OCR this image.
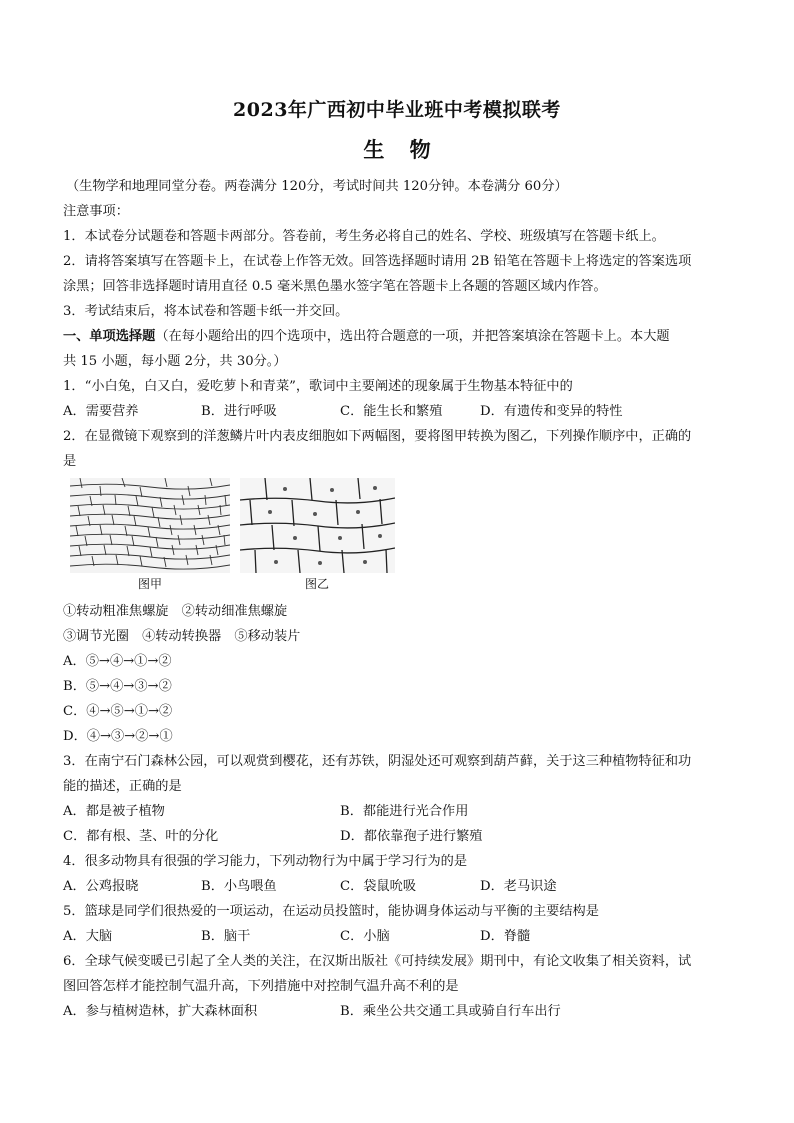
2023年广西初中毕业班中考模拟联考
生 物
（生物学和地理同堂分卷。两卷满分 120分，考试时间共 120分钟。本卷满分 60分）
注意事项：
1．本试卷分试题卷和答题卡两部分。答卷前，考生务必将自己的姓名、学校、班级填写在答题卡纸上。
2．请将答案填写在答题卡上，在试卷上作答无效。回答选择题时请用 2B 铅笔在答题卡上将选定的答案选项
涂黑；回答非选择题时请用直径 0.5 毫米黑色墨水签字笔在答题卡上各题的答题区域内作答。
3．考试结束后，将本试卷和答题卡纸一并交回。
一、单项选择题（在每小题给出的四个选项中，选出符合题意的一项，并把答案填涂在答题卡上。本大题
共 15 小题，每小题 2分，共 30分。）
1．“小白兔，白又白，爱吃萝卜和青菜”，歌词中主要阐述的现象属于生物基本特征中的
A．需要营养	B．进行呼吸	C．能生长和繁殖	D．有遗传和变异的特性
2．在显微镜下观察到的洋葱鳞片叶内表皮细胞如下两幅图，要将图甲转换为图乙，下列操作顺序中，正确的
是
图甲	图乙
①转动粗准焦螺旋　②转动细准焦螺旋
③调节光圈　④转动转换器　⑤移动装片
A．⑤→④→①→②
B．⑤→④→③→②
C．④→⑤→①→②
D．④→③→②→①
3．在南宁石门森林公园，可以观赏到樱花，还有苏铁，阴湿处还可观察到葫芦藓，关于这三种植物特征和功
能的描述，正确的是
A．都是被子植物	B．都能进行光合作用
C．都有根、茎、叶的分化	D．都依靠孢子进行繁殖
4．很多动物具有很强的学习能力，下列动物行为中属于学习行为的是
A．公鸡报晓	B．小鸟喂鱼	C．袋鼠吮吸	D．老马识途
5．篮球是同学们很热爱的一项运动，在运动员投篮时，能协调身体运动与平衡的主要结构是
A．大脑	B．脑干	C．小脑	D．脊髓
6．全球气候变暖已引起了全人类的关注，在汉斯出版社《可持续发展》期刊中，有论文收集了相关资料，试
图回答怎样才能控制气温升高，下列措施中对控制气温升高不利的是
A．参与植树造林，扩大森林面积	B．乘坐公共交通工具或骑自行车出行
